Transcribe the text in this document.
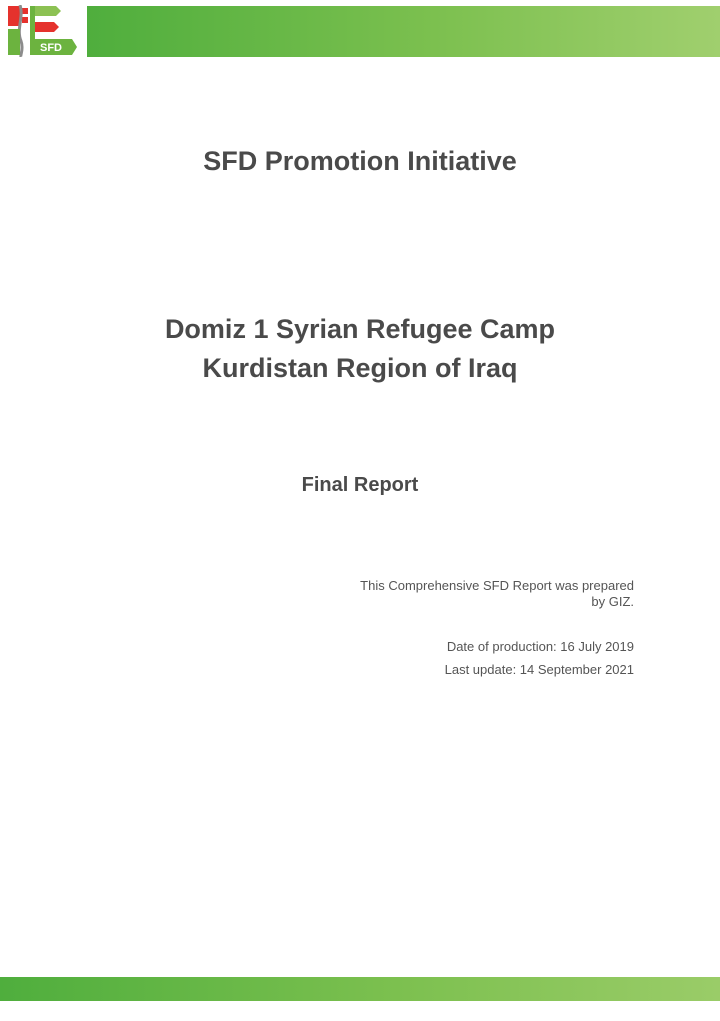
SFD
SFD Promotion Initiative
Domiz 1 Syrian Refugee Camp
Kurdistan Region of Iraq
Final Report
This Comprehensive SFD Report was prepared
by GIZ.
Date of production: 16 July 2019
Last update: 14 September 2021
